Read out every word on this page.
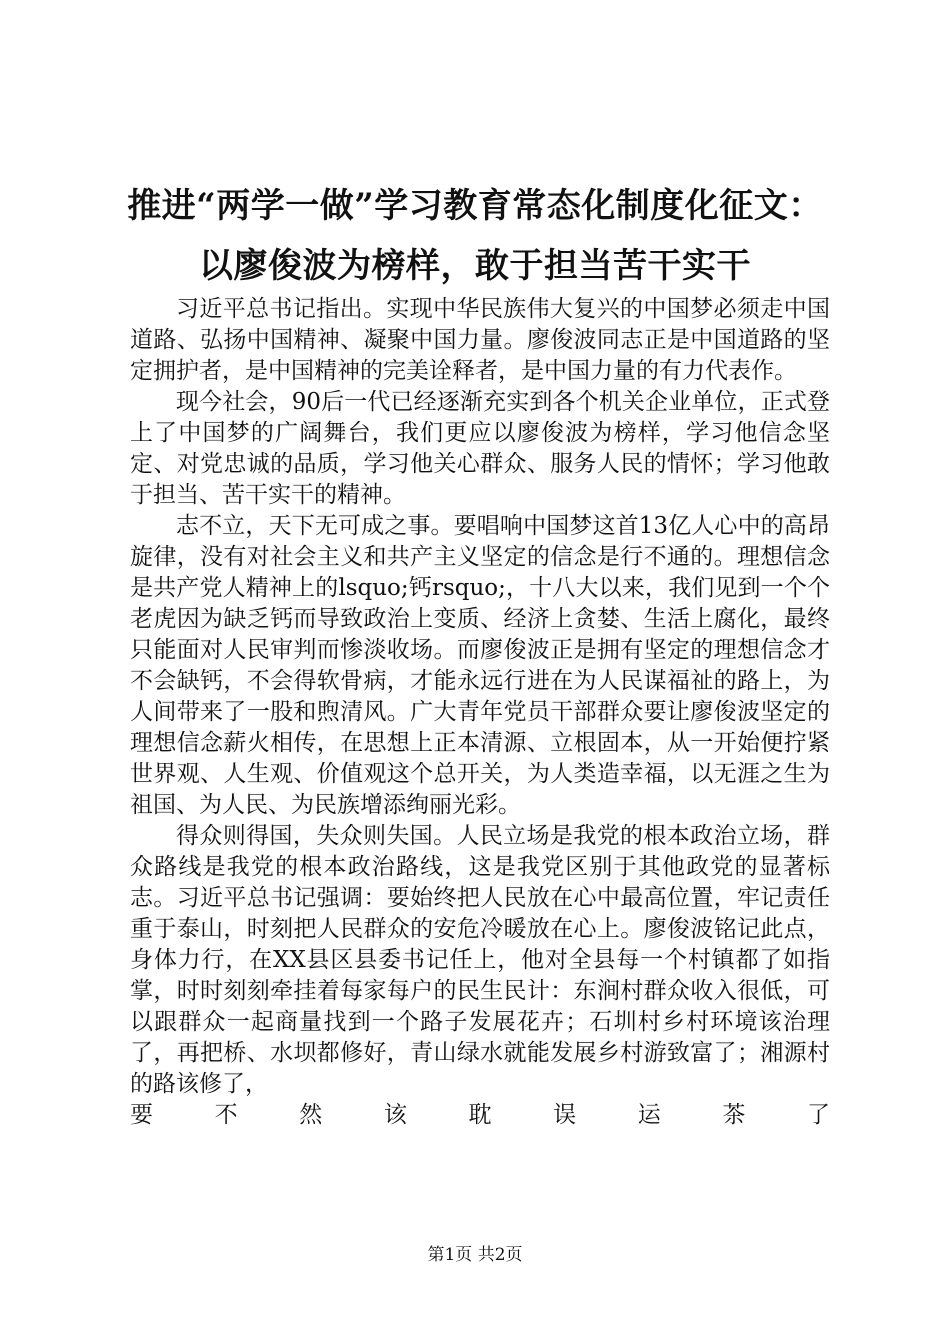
推进“两学一做”学习教育常态化制度化征文：
以廖俊波为榜样，敢于担当苦干实干

习近平总书记指出。实现中华民族伟大复兴的中国梦必须走中国道路、弘扬中国精神、凝聚中国力量。廖俊波同志正是中国道路的坚定拥护者，是中国精神的完美诠释者，是中国力量的有力代表作。

现今社会，90后一代已经逐渐充实到各个机关企业单位，正式登上了中国梦的广阔舞台，我们更应以廖俊波为榜样，学习他信念坚定、对党忠诚的品质，学习他关心群众、服务人民的情怀；学习他敢于担当、苦干实干的精神。

志不立，天下无可成之事。要唱响中国梦这首13亿人心中的高昂旋律，没有对社会主义和共产主义坚定的信念是行不通的。理想信念是共产党人精神上的lsquo;钙rsquo;，十八大以来，我们见到一个个老虎因为缺乏钙而导致政治上变质、经济上贪婪、生活上腐化，最终只能面对人民审判而惨淡收场。而廖俊波正是拥有坚定的理想信念才不会缺钙，不会得软骨病，才能永远行进在为人民谋福祉的路上，为人间带来了一股和煦清风。广大青年党员干部群众要让廖俊波坚定的理想信念薪火相传，在思想上正本清源、立根固本，从一开始便拧紧世界观、人生观、价值观这个总开关，为人类造幸福，以无涯之生为祖国、为人民、为民族增添绚丽光彩。

得众则得国，失众则失国。人民立场是我党的根本政治立场，群众路线是我党的根本政治路线，这是我党区别于其他政党的显著标志。习近平总书记强调：要始终把人民放在心中最高位置，牢记责任重于泰山，时刻把人民群众的安危冷暖放在心上。廖俊波铭记此点，身体力行，在XX县区县委书记任上，他对全县每一个村镇都了如指掌，时时刻刻牵挂着每家每户的民生民计：东涧村群众收入很低，可以跟群众一起商量找到一个路子发展花卉；石圳村乡村环境该治理了，再把桥、水坝都修好，青山绿水就能发展乡村游致富了；湘源村的路该修了，

要	不	然	该	耽	误	运	茶	了
第1页 共2页
